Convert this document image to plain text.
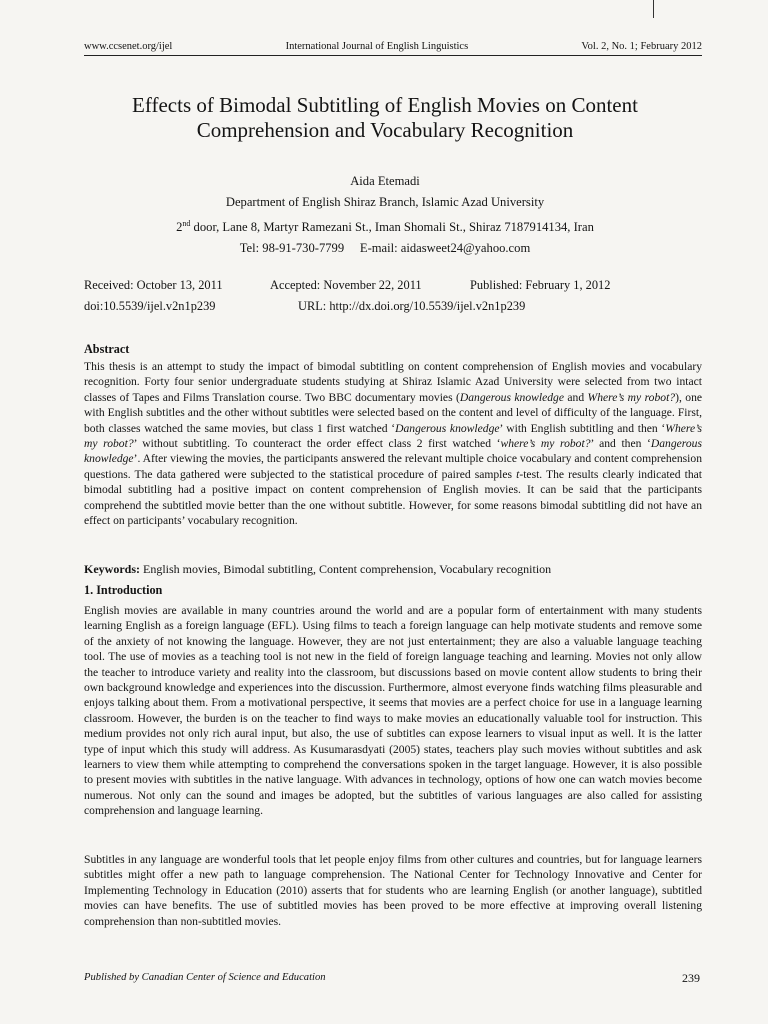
www.ccsenet.org/ijel	International Journal of English Linguistics	Vol. 2, No. 1; February 2012
Effects of Bimodal Subtitling of English Movies on Content
Comprehension and Vocabulary Recognition
Aida Etemadi
Department of English Shiraz Branch, Islamic Azad University
2nd door, Lane 8, Martyr Ramezani St., Iman Shomali St., Shiraz 7187914134, Iran
Tel: 98-91-730-7799     E-mail: aidasweet24@yahoo.com
Received: October 13, 2011	Accepted: November 22, 2011	Published: February 1, 2012
doi:10.5539/ijel.v2n1p239	URL: http://dx.doi.org/10.5539/ijel.v2n1p239
Abstract
This thesis is an attempt to study the impact of bimodal subtitling on content comprehension of English movies and vocabulary recognition. Forty four senior undergraduate students studying at Shiraz Islamic Azad University were selected from two intact classes of Tapes and Films Translation course. Two BBC documentary movies (Dangerous knowledge and Where’s my robot?), one with English subtitles and the other without subtitles were selected based on the content and level of difficulty of the language. First, both classes watched the same movies, but class 1 first watched ‘Dangerous knowledge’ with English subtitling and then ‘Where’s my robot?’ without subtitling. To counteract the order effect class 2 first watched ‘where’s my robot?’ and then ‘Dangerous knowledge’. After viewing the movies, the participants answered the relevant multiple choice vocabulary and content comprehension questions. The data gathered were subjected to the statistical procedure of paired samples t-test. The results clearly indicated that bimodal subtitling had a positive impact on content comprehension of English movies. It can be said that the participants comprehend the subtitled movie better than the one without subtitle. However, for some reasons bimodal subtitling did not have an effect on participants’ vocabulary recognition.
Keywords: English movies, Bimodal subtitling, Content comprehension, Vocabulary recognition
1. Introduction
English movies are available in many countries around the world and are a popular form of entertainment with many students learning English as a foreign language (EFL). Using films to teach a foreign language can help motivate students and remove some of the anxiety of not knowing the language. However, they are not just entertainment; they are also a valuable language teaching tool. The use of movies as a teaching tool is not new in the field of foreign language teaching and learning. Movies not only allow the teacher to introduce variety and reality into the classroom, but discussions based on movie content allow students to bring their own background knowledge and experiences into the discussion. Furthermore, almost everyone finds watching films pleasurable and enjoys talking about them. From a motivational perspective, it seems that movies are a perfect choice for use in a language learning classroom. However, the burden is on the teacher to find ways to make movies an educationally valuable tool for instruction. This medium provides not only rich aural input, but also, the use of subtitles can expose learners to visual input as well. It is the latter type of input which this study will address. As Kusumarasdyati (2005) states, teachers play such movies without subtitles and ask learners to view them while attempting to comprehend the conversations spoken in the target language. However, it is also possible to present movies with subtitles in the native language. With advances in technology, options of how one can watch movies become numerous. Not only can the sound and images be adopted, but the subtitles of various languages are also called for assisting comprehension and language learning.
Subtitles in any language are wonderful tools that let people enjoy films from other cultures and countries, but for language learners subtitles might offer a new path to language comprehension. The National Center for Technology Innovative and Center for Implementing Technology in Education (2010) asserts that for students who are learning English (or another language), subtitled movies can have benefits. The use of subtitled movies has been proved to be more effective at improving overall listening comprehension than non-subtitled movies.
Published by Canadian Center of Science and Education	239
